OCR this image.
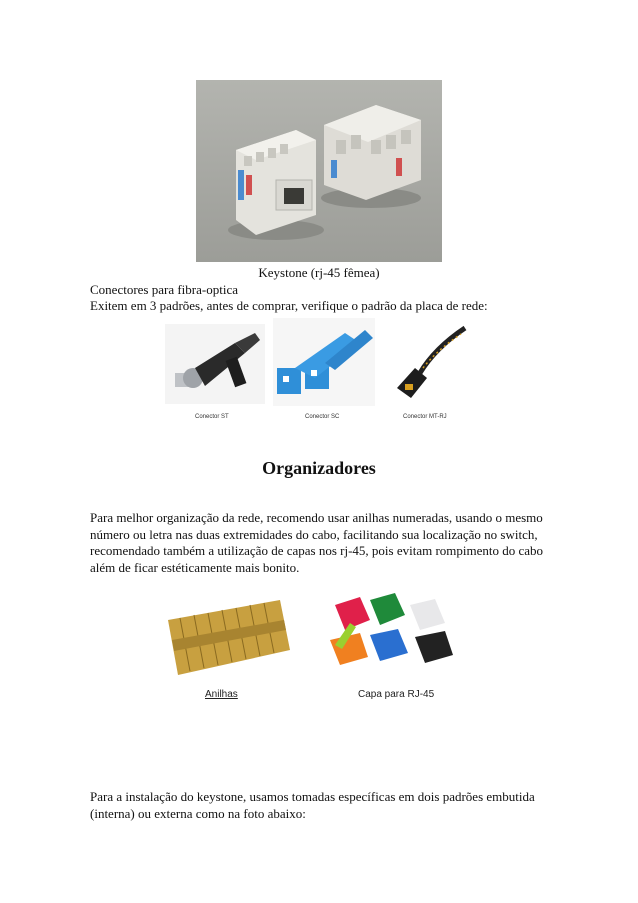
Keystone (rj-45 fêmea)
Conectores para fibra-optica
Exitem em 3 padrões, antes de comprar, verifique o padrão da placa de rede:
Conector ST	Conector SC	Conector MT-RJ
Organizadores
Para melhor organização da rede, recomendo usar anilhas numeradas, usando o mesmo número ou letra nas duas extremidades do cabo, facilitando sua localização no switch, recomendado também a utilização de capas nos rj-45, pois evitam rompimento do cabo além de ficar estéticamente mais bonito.
Anilhas	Capa para RJ-45
Para a instalação do keystone, usamos tomadas específicas em dois padrões embutida (interna) ou externa como na foto abaixo:
